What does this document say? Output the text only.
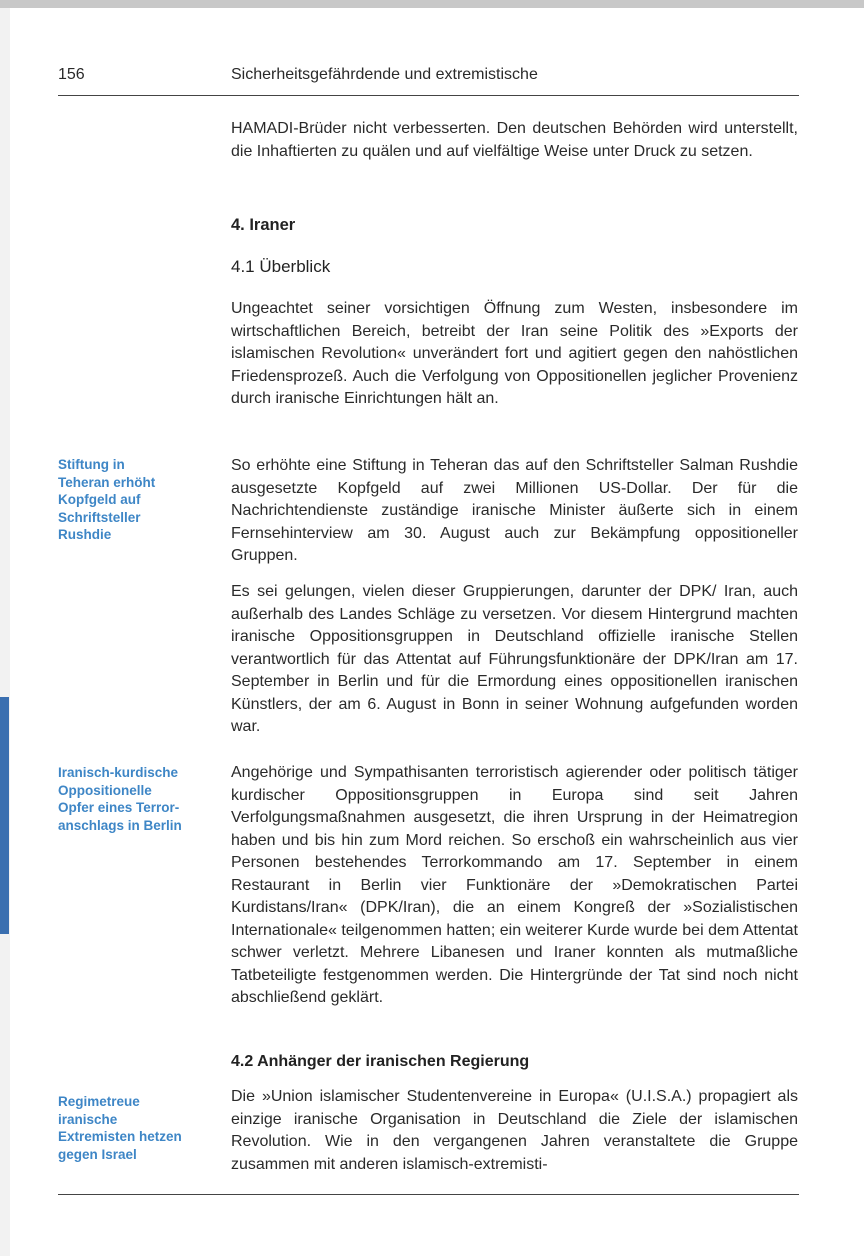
156	Sicherheitsgefährdende und extremistische
HAMADI-Brüder nicht verbesserten. Den deutschen Behörden wird unterstellt, die Inhaftierten zu quälen und auf vielfältige Weise unter Druck zu setzen.
4. Iraner
4.1 Überblick
Ungeachtet seiner vorsichtigen Öffnung zum Westen, insbesondere im wirtschaftlichen Bereich, betreibt der Iran seine Politik des »Exports der islamischen Revolution« unverändert fort und agitiert gegen den nahöstlichen Friedensprozeß. Auch die Verfolgung von Oppositionellen jeglicher Provenienz durch iranische Einrichtungen hält an.
Stiftung in
Teheran erhöht
Kopfgeld auf
Schriftsteller
Rushdie
So erhöhte eine Stiftung in Teheran das auf den Schriftsteller Salman Rushdie ausgesetzte Kopfgeld auf zwei Millionen US-Dollar. Der für die Nachrichtendienste zuständige iranische Minister äußerte sich in einem Fernsehinterview am 30. August auch zur Bekämpfung oppositioneller Gruppen.
Es sei gelungen, vielen dieser Gruppierungen, darunter der DPK/ Iran, auch außerhalb des Landes Schläge zu versetzen. Vor diesem Hintergrund machten iranische Oppositionsgruppen in Deutschland offizielle iranische Stellen verantwortlich für das Attentat auf Führungsfunktionäre der DPK/Iran am 17. September in Berlin und für die Ermordung eines oppositionellen iranischen Künstlers, der am 6. August in Bonn in seiner Wohnung aufgefunden worden war.
Iranisch-kurdische
Oppositionelle
Opfer eines Terror-
anschlags in Berlin
Angehörige und Sympathisanten terroristisch agierender oder politisch tätiger kurdischer Oppositionsgruppen in Europa sind seit Jahren Verfolgungsmaßnahmen ausgesetzt, die ihren Ursprung in der Heimatregion haben und bis hin zum Mord reichen. So erschoß ein wahrscheinlich aus vier Personen bestehendes Terrorkommando am 17. September in einem Restaurant in Berlin vier Funktionäre der »Demokratischen Partei Kurdistans/Iran« (DPK/Iran), die an einem Kongreß der »Sozialistischen Internationale« teilgenommen hatten; ein weiterer Kurde wurde bei dem Attentat schwer verletzt. Mehrere Libanesen und Iraner konnten als mutmaßliche Tatbeteiligte festgenommen werden. Die Hintergründe der Tat sind noch nicht abschließend geklärt.
4.2 Anhänger der iranischen Regierung
Regimetreue
iranische
Extremisten hetzen
gegen Israel
Die »Union islamischer Studentenvereine in Europa« (U.I.S.A.) propagiert als einzige iranische Organisation in Deutschland die Ziele der islamischen Revolution. Wie in den vergangenen Jahren veranstaltete die Gruppe zusammen mit anderen islamisch-extremisti-
